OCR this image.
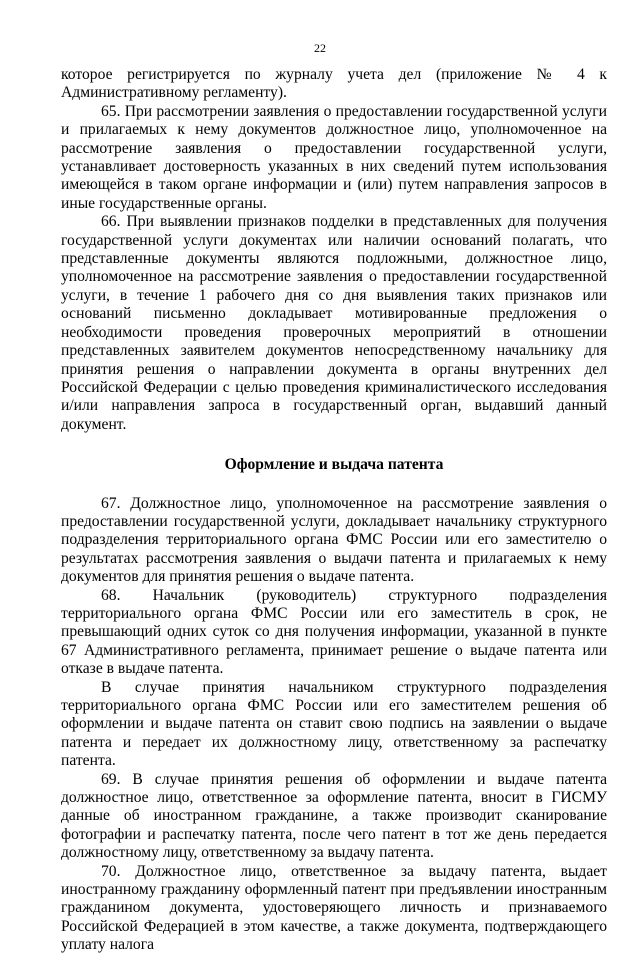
22

которое регистрируется по журналу учета дел (приложение № 4 к Административному регламенту).

65. При рассмотрении заявления о предоставлении государственной услуги и прилагаемых к нему документов должностное лицо, уполномоченное на рассмотрение заявления о предоставлении государственной услуги, устанавливает достоверность указанных в них сведений путем использования имеющейся в таком органе информации и (или) путем направления запросов в иные государственные органы.

66. При выявлении признаков подделки в представленных для получения государственной услуги документах или наличии оснований полагать, что представленные документы являются подложными, должностное лицо, уполномоченное на рассмотрение заявления о предоставлении государственной услуги, в течение 1 рабочего дня со дня выявления таких признаков или оснований письменно докладывает мотивированные предложения о необходимости проведения проверочных мероприятий в отношении представленных заявителем документов непосредственному начальнику для принятия решения о направлении документа в органы внутренних дел Российской Федерации с целью проведения криминалистического исследования и/или направления запроса в государственный орган, выдавший данный документ.

Оформление и выдача патента

67. Должностное лицо, уполномоченное на рассмотрение заявления о предоставлении государственной услуги, докладывает начальнику структурного подразделения территориального органа ФМС России или его заместителю о результатах рассмотрения заявления о выдачи патента и прилагаемых к нему документов для принятия решения о выдаче патента.

68. Начальник (руководитель) структурного подразделения территориального органа ФМС России или его заместитель в срок, не превышающий одних суток со дня получения информации, указанной в пункте 67 Административного регламента, принимает решение о выдаче патента или отказе в выдаче патента.

В случае принятия начальником структурного подразделения территориального органа ФМС России или его заместителем решения об оформлении и выдаче патента он ставит свою подпись на заявлении о выдаче патента и передает их должностному лицу, ответственному за распечатку патента.

69. В случае принятия решения об оформлении и выдаче патента должностное лицо, ответственное за оформление патента, вносит в ГИСМУ данные об иностранном гражданине, а также производит сканирование фотографии и распечатку патента, после чего патент в тот же день передается должностному лицу, ответственному за выдачу патента.

70. Должностное лицо, ответственное за выдачу патента, выдает иностранному гражданину оформленный патент при предъявлении иностранным гражданином документа, удостоверяющего личность и признаваемого Российской Федерацией в этом качестве, а также документа, подтверждающего уплату налога
